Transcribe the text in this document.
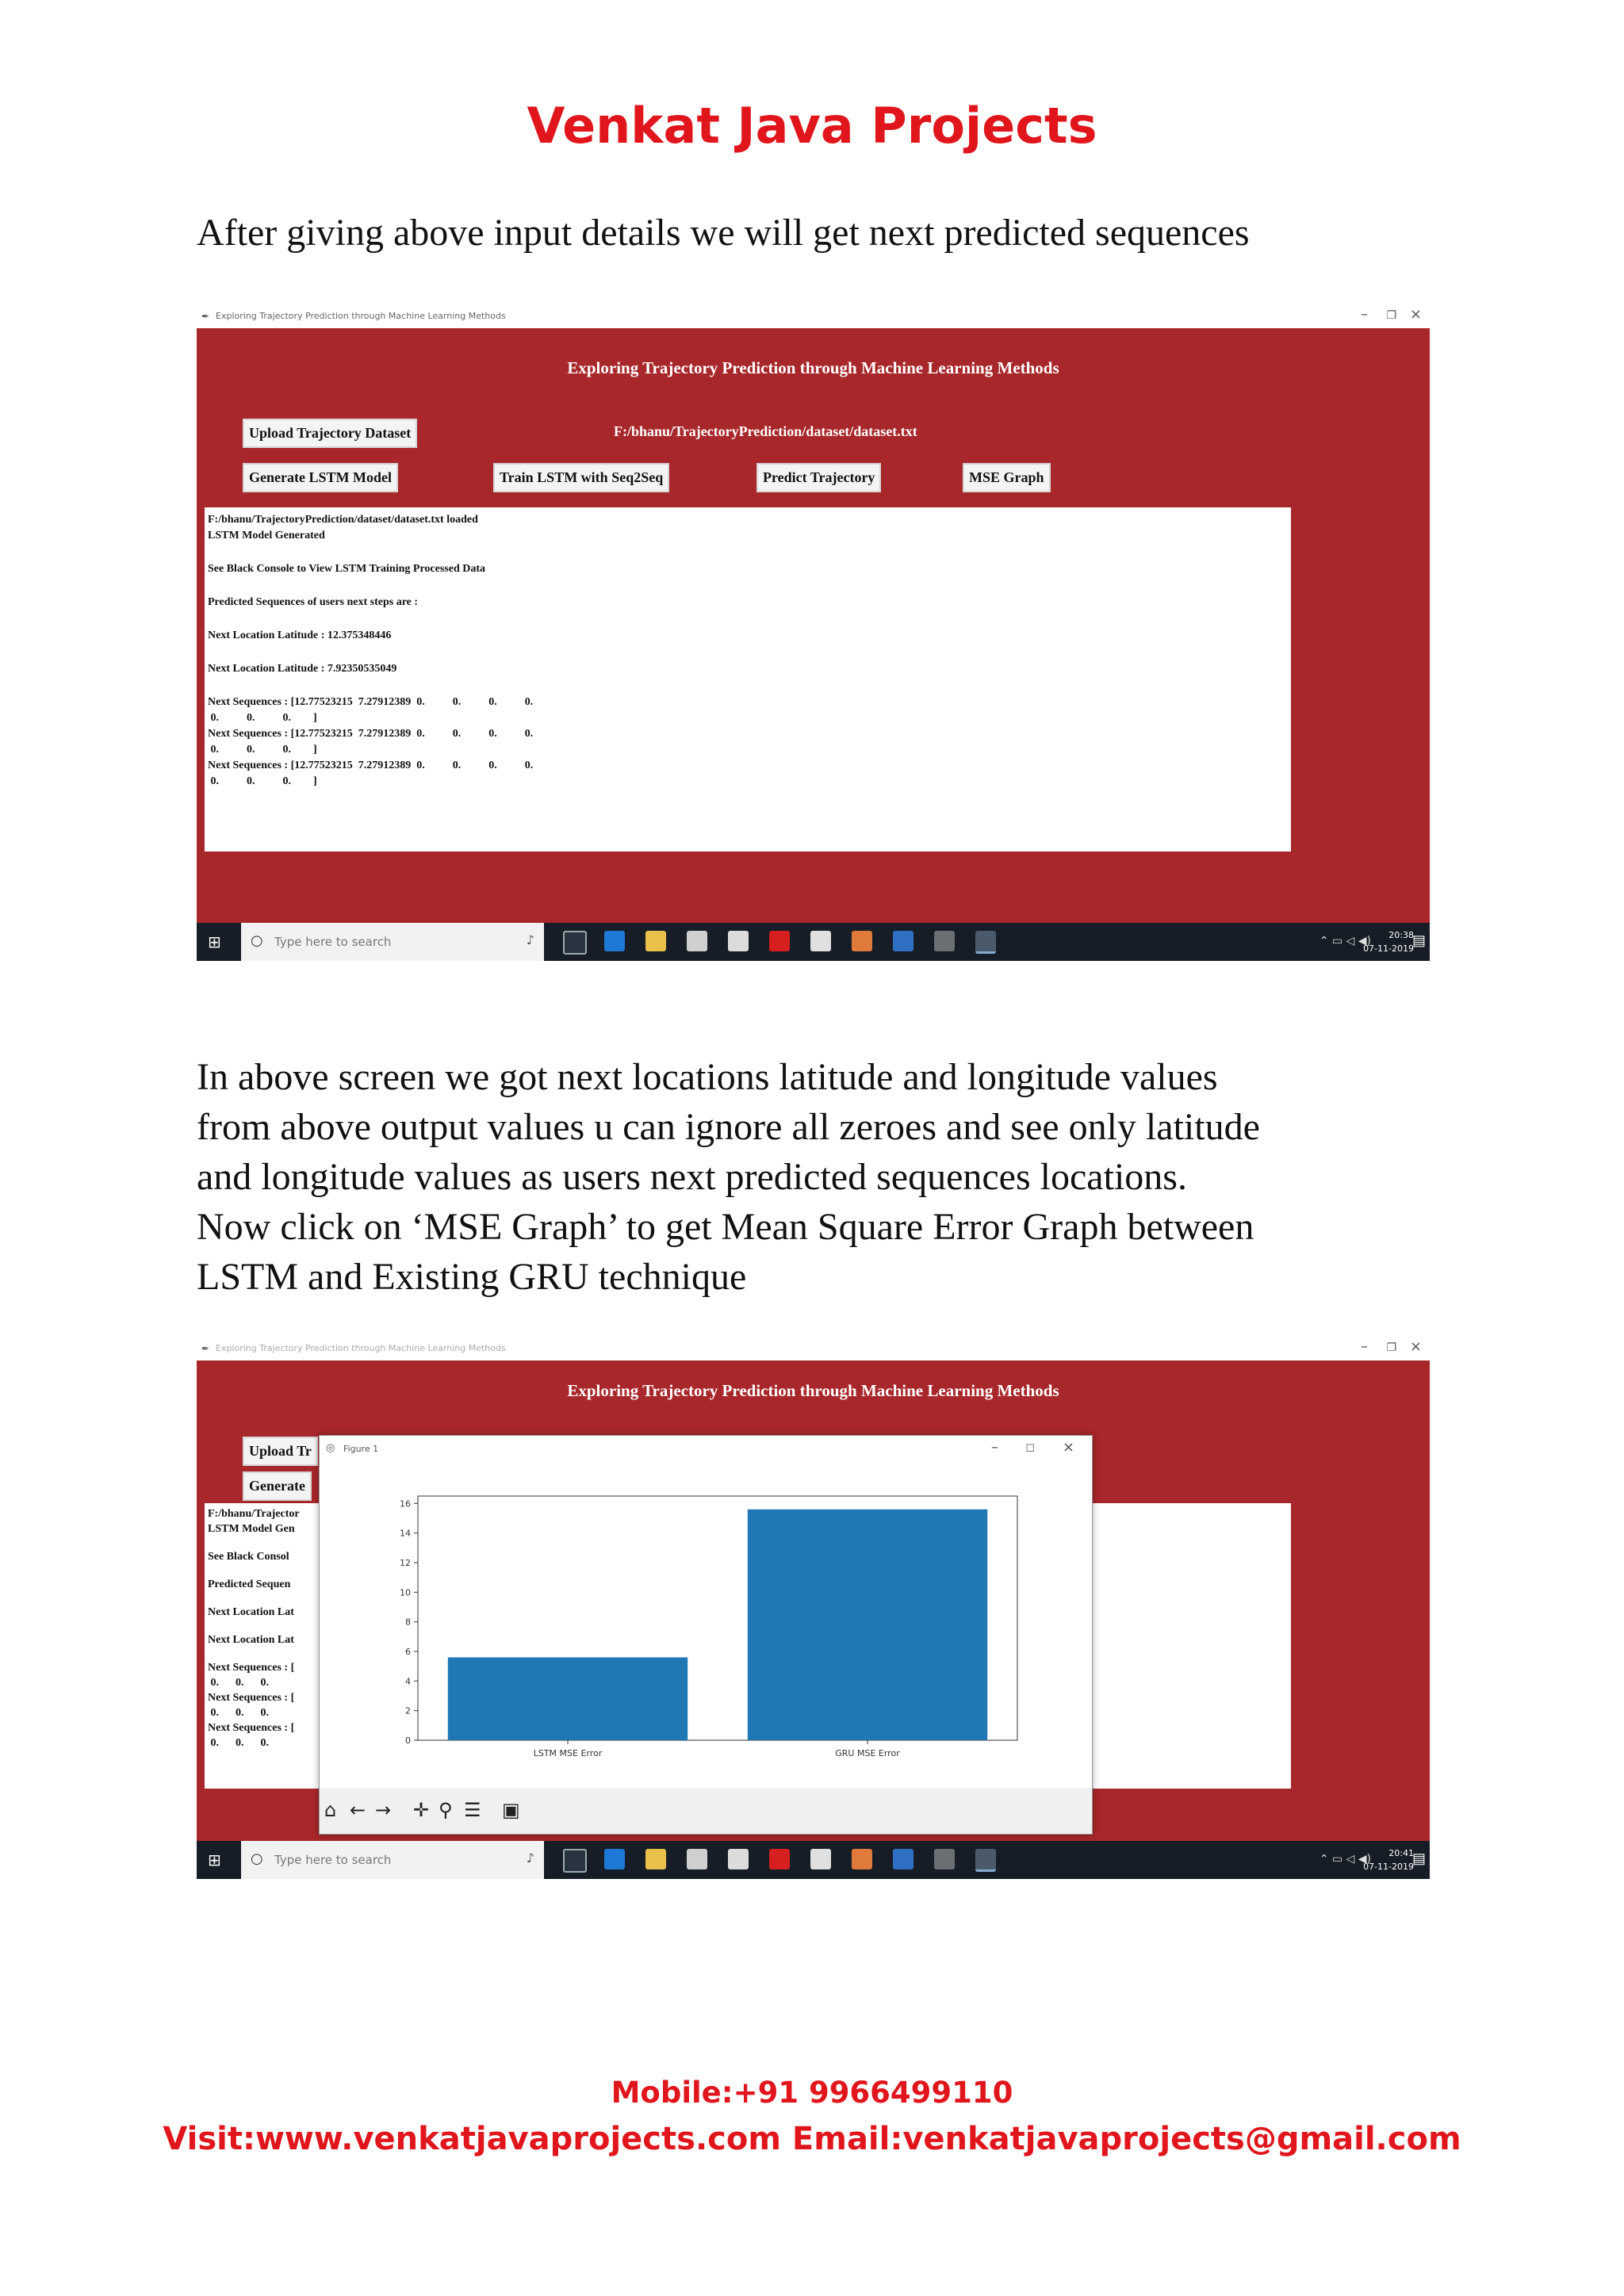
Venkat Java Projects
After giving above input details we will get next predicted sequences
✒ Exploring Trajectory Prediction through Machine Learning Methods	– ❐ ×
Exploring Trajectory Prediction through Machine Learning Methods
Upload Trajectory Dataset	F:/bhanu/TrajectoryPrediction/dataset/dataset.txt
Generate LSTM Model	Train LSTM with Seq2Seq	Predict Trajectory	MSE Graph
F:/bhanu/TrajectoryPrediction/dataset/dataset.txt loaded
LSTM Model Generated
See Black Console to View LSTM Training Processed Data
Predicted Sequences of users next steps are :
Next Location Latitude : 12.375348446
Next Location Latitude : 7.92350535049
Next Sequences : [12.77523215  7.27912389  0.          0.          0.          0.
0.          0.          0.        ]
Next Sequences : [12.77523215  7.27912389  0.          0.          0.          0.
0.          0.          0.        ]
Next Sequences : [12.77523215  7.27912389  0.          0.          0.          0.
0.          0.          0.        ]
⊞ ○ Type here to search	♪	⌃ ▭ ◁ ◀)	20:38
07-11-2019
▤
In above screen we got next locations latitude and longitude values
from above output values u can ignore all zeroes and see only latitude
and longitude values as users next predicted sequences locations.
Now click on ‘MSE Graph’ to get Mean Square Error Graph between
LSTM and Existing GRU technique
✒ Exploring Trajectory Prediction through Machine Learning Methods	– ❐ ×
Exploring Trajectory Prediction through Machine Learning Methods
Upload Tr
Generate
F:/bhanu/Trajector
LSTM Model Gen
See Black Consol
Predicted Sequen
Next Location Lat
Next Location Lat
Next Sequences : [
0.      0.      0.
Next Sequences : [
0.      0.      0.
Next Sequences : [
0.      0.      0.
◎ Figure 1	–	☐ ×
0
2
4
6
8
10
12
14
16
LSTM MSE Error	GRU MSE Error
⌂ ← → ✛ ⚲ ☰ ▣
⊞ ○ Type here to search	♪	⌃ ▭ ◁ ◀)	20:41
07-11-2019
▤
Mobile:+91 9966499110
Visit:www.venkatjavaprojects.com Email:venkatjavaprojects@gmail.com
